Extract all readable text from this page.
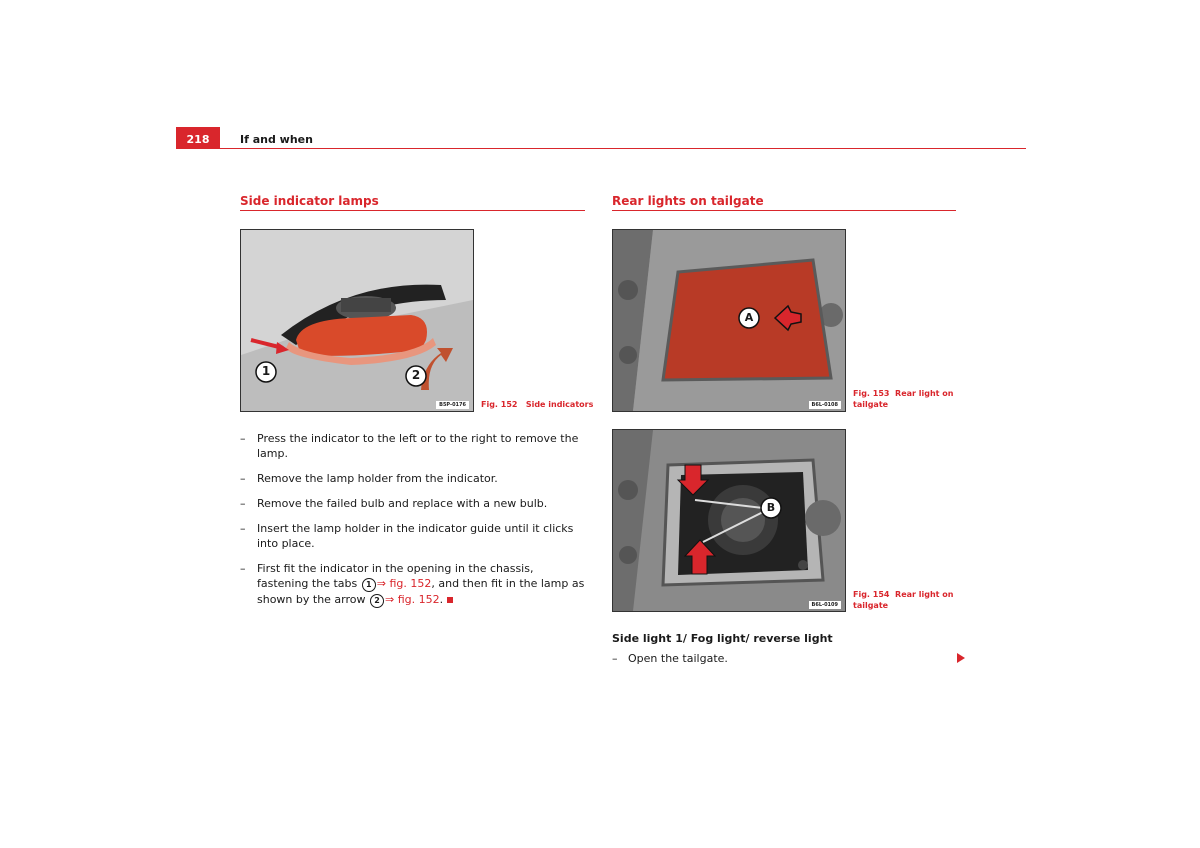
218	If and when
Side indicator lamps
1	2
B5P-0176	Fig. 152 Side indicators
– Press the indicator to the left or to the right to remove the lamp.
– Remove the lamp holder from the indicator.
– Remove the failed bulb and replace with a new bulb.
– Insert the lamp holder in the indicator guide until it clicks into place.
– First fit the indicator in the opening in the chassis, fastening the tabs 1 ⇒ fig. 152, and then fit in the lamp as shown by the arrow 2 ⇒ fig. 152.
Rear lights on tailgate
A
B6L-0108
Fig. 153 Rear light on
tailgate
B
B6L-0109
Fig. 154 Rear light on
tailgate
Side light 1/ Fog light/ reverse light
– Open the tailgate.
